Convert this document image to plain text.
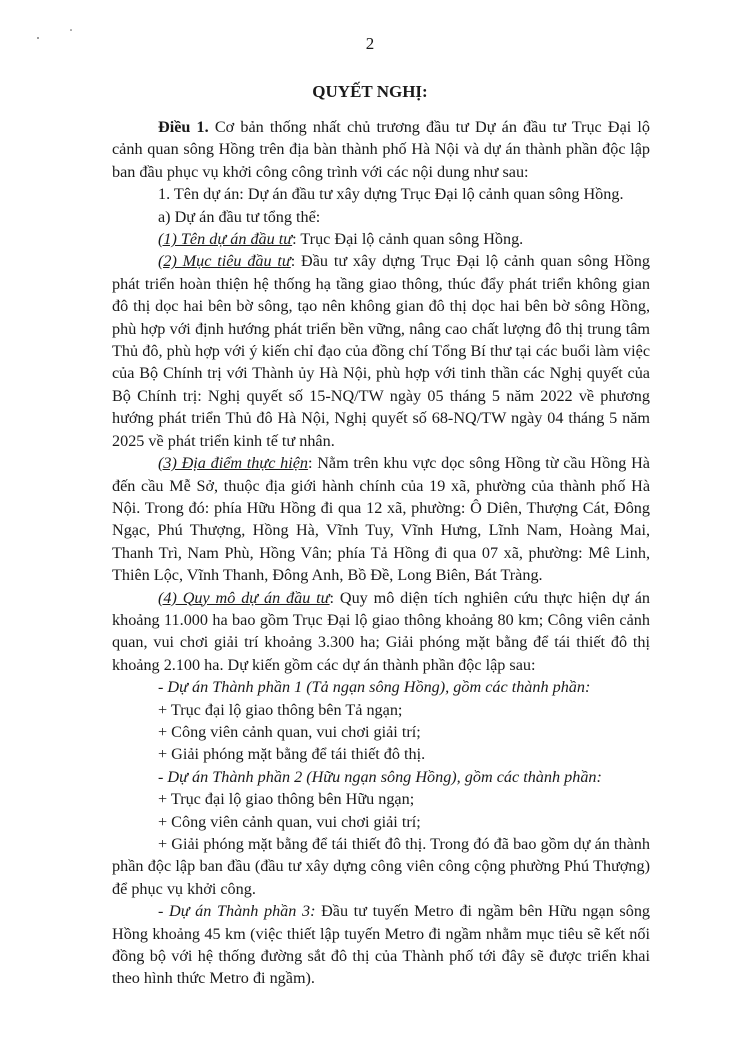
2
QUYẾT NGHỊ:

Điều 1. Cơ bản thống nhất chủ trương đầu tư Dự án đầu tư Trục Đại lộ cảnh quan sông Hồng trên địa bàn thành phố Hà Nội và dự án thành phần độc lập ban đầu phục vụ khởi công công trình với các nội dung như sau:

1. Tên dự án: Dự án đầu tư xây dựng Trục Đại lộ cảnh quan sông Hồng.

a) Dự án đầu tư tổng thể:

(1) Tên dự án đầu tư: Trục Đại lộ cảnh quan sông Hồng.

(2) Mục tiêu đầu tư: Đầu tư xây dựng Trục Đại lộ cảnh quan sông Hồng phát triển hoàn thiện hệ thống hạ tầng giao thông, thúc đẩy phát triển không gian đô thị dọc hai bên bờ sông, tạo nên không gian đô thị dọc hai bên bờ sông Hồng, phù hợp với định hướng phát triển bền vững, nâng cao chất lượng đô thị trung tâm Thủ đô, phù hợp với ý kiến chỉ đạo của đồng chí Tổng Bí thư tại các buổi làm việc của Bộ Chính trị với Thành ủy Hà Nội, phù hợp với tinh thần các Nghị quyết của Bộ Chính trị: Nghị quyết số 15-NQ/TW ngày 05 tháng 5 năm 2022 về phương hướng phát triển Thủ đô Hà Nội, Nghị quyết số 68-NQ/TW ngày 04 tháng 5 năm 2025 về phát triển kinh tế tư nhân.

(3) Địa điểm thực hiện: Nằm trên khu vực dọc sông Hồng từ cầu Hồng Hà đến cầu Mễ Sở, thuộc địa giới hành chính của 19 xã, phường của thành phố Hà Nội. Trong đó: phía Hữu Hồng đi qua 12 xã, phường: Ô Diên, Thượng Cát, Đông Ngạc, Phú Thượng, Hồng Hà, Vĩnh Tuy, Vĩnh Hưng, Lĩnh Nam, Hoàng Mai, Thanh Trì, Nam Phù, Hồng Vân; phía Tả Hồng đi qua 07 xã, phường: Mê Linh, Thiên Lộc, Vĩnh Thanh, Đông Anh, Bồ Đề, Long Biên, Bát Tràng.

(4) Quy mô dự án đầu tư: Quy mô diện tích nghiên cứu thực hiện dự án khoảng 11.000 ha bao gồm Trục Đại lộ giao thông khoảng 80 km; Công viên cảnh quan, vui chơi giải trí khoảng 3.300 ha; Giải phóng mặt bằng để tái thiết đô thị khoảng 2.100 ha. Dự kiến gồm các dự án thành phần độc lập sau:

- Dự án Thành phần 1 (Tả ngạn sông Hồng), gồm các thành phần:

+ Trục đại lộ giao thông bên Tả ngạn;

+ Công viên cảnh quan, vui chơi giải trí;

+ Giải phóng mặt bằng để tái thiết đô thị.

- Dự án Thành phần 2 (Hữu ngạn sông Hồng), gồm các thành phần:

+ Trục đại lộ giao thông bên Hữu ngạn;

+ Công viên cảnh quan, vui chơi giải trí;

+ Giải phóng mặt bằng để tái thiết đô thị. Trong đó đã bao gồm dự án thành phần độc lập ban đầu (đầu tư xây dựng công viên công cộng phường Phú Thượng) để phục vụ khởi công.

- Dự án Thành phần 3: Đầu tư tuyến Metro đi ngầm bên Hữu ngạn sông Hồng khoảng 45 km (việc thiết lập tuyến Metro đi ngầm nhằm mục tiêu sẽ kết nối đồng bộ với hệ thống đường sắt đô thị của Thành phố tới đây sẽ được triển khai theo hình thức Metro đi ngầm).
